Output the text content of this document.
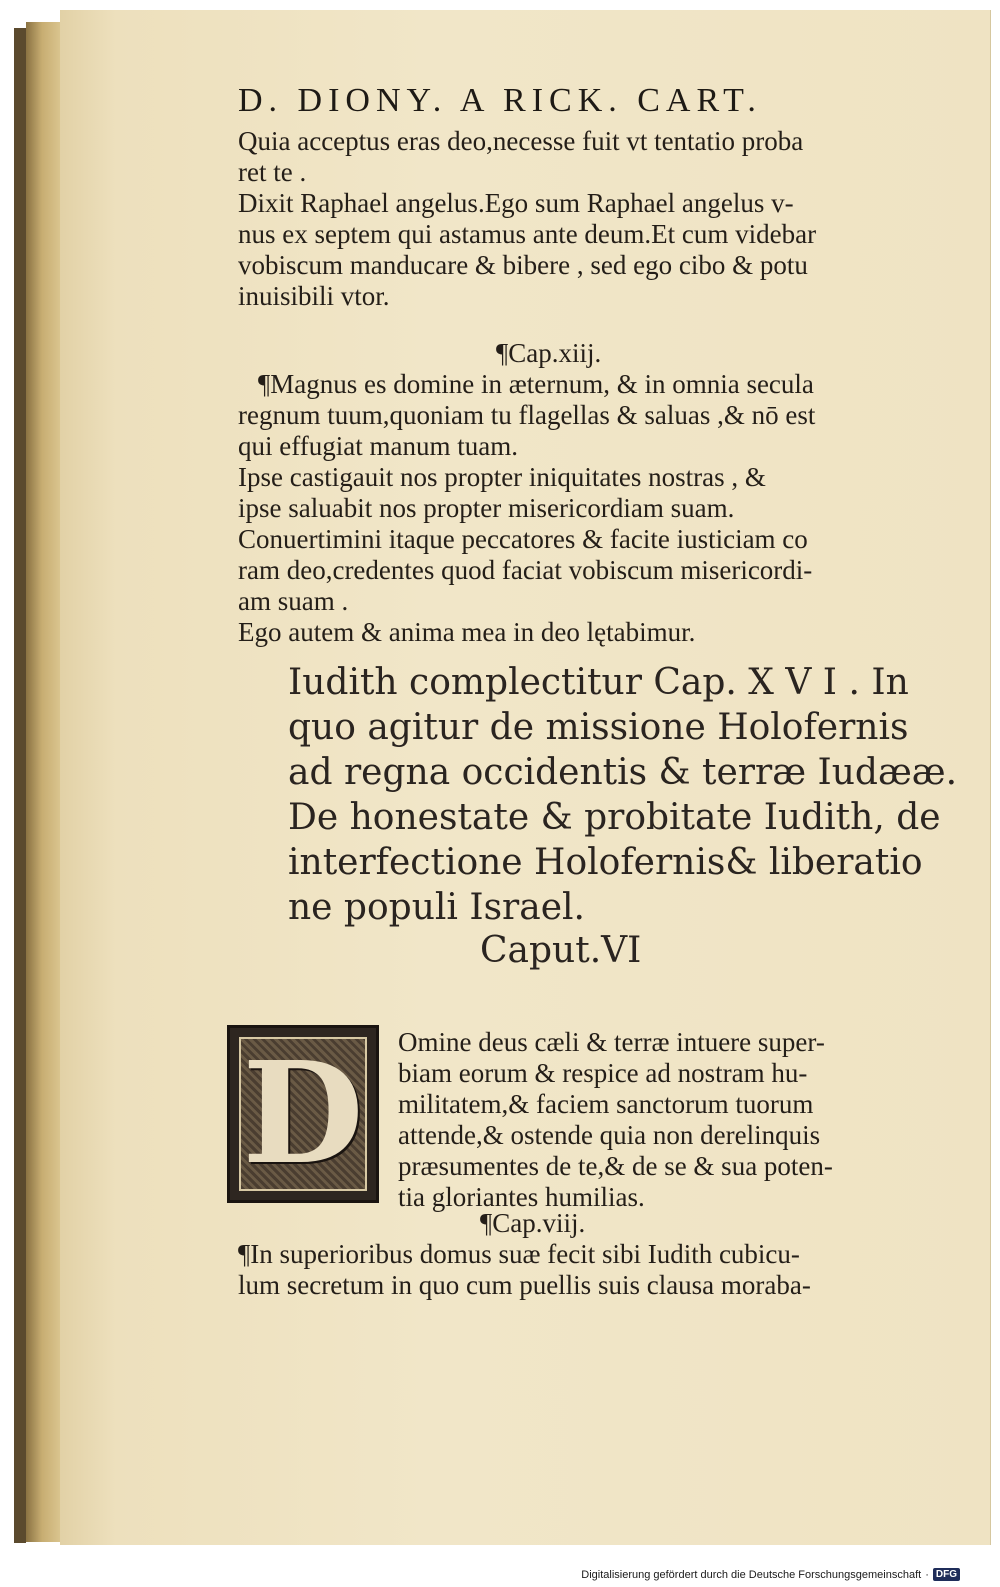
D. DIONY. A RICK. CART.
Quia acceptus eras deo,necesse fuit vt tentatio proba
ret te .
Dixit Raphael angelus.Ego sum Raphael angelus v-
nus ex septem qui astamus ante deum.Et cum videbar
vobiscum manducare & bibere , sed ego cibo & potu
inuisibili vtor.
¶Cap.xiij.
¶Magnus es domine in æternum, & in omnia secula
regnum tuum,quoniam tu flagellas & saluas ,& nō est
qui effugiat manum tuam.
Ipse castigauit nos propter iniquitates nostras , &
ipse saluabit nos propter misericordiam suam.
Conuertimini itaque peccatores & facite iusticiam co
ram deo,credentes quod faciat vobiscum misericordi-
am suam .
Ego autem & anima mea in deo lętabimur.
Iudith complectitur Cap. X V I . In
quo agitur de missione Holofernis
ad regna occidentis & terræ Iudææ.
De honestate & probitate Iudith, de
interfectione Holofernis& liberatio
ne populi Israel.
Caput.VI
D	Omine deus cæli & terræ intuere super-
biam eorum & respice ad nostram hu-
militatem,& faciem sanctorum tuorum
attende,& ostende quia non derelinquis
præsumentes de te,& de se & sua poten-
tia gloriantes humilias.
¶Cap.viij.
¶In superioribus domus suæ fecit sibi Iudith cubicu-
lum secretum in quo cum puellis suis clausa moraba-
Digitalisierung gefördert durch die Deutsche Forschungsgemeinschaft · DFG
